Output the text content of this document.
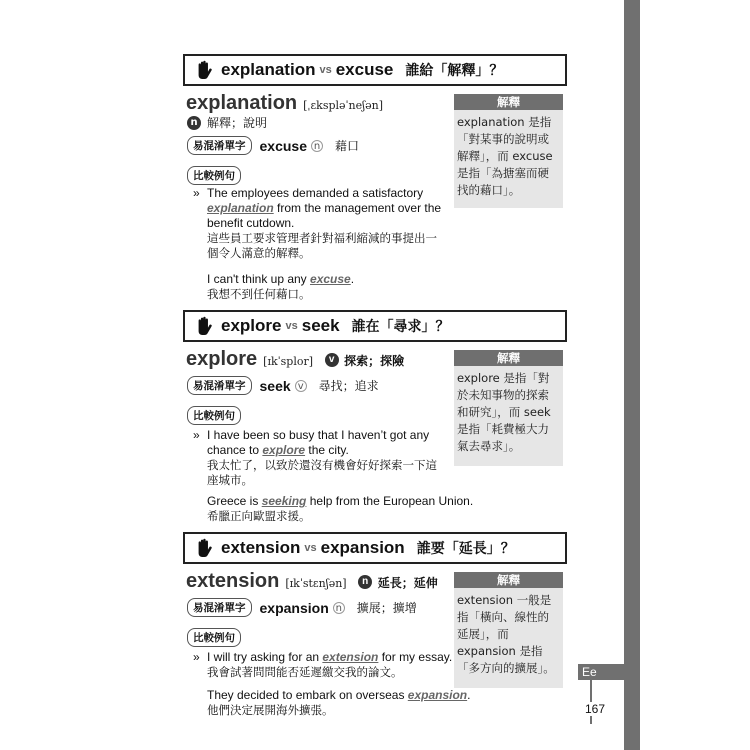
Ee
167
explanation vs excuse 誰給「解釋」？
explanation [ˌɛkspləˈneʃən]
n 解釋；說明
易混淆單字	excuse n 藉口
比較例句
» The employees demanded a satisfactory explanation from the management over the benefit cutdown.
這些員工要求管理者針對福利縮減的事提出一個令人滿意的解釋。
I can't think up any excuse.
我想不到任何藉口。
解釋
explanation 是指「對某事的說明或解釋」，而 excuse 是指「為搪塞而硬找的藉口」。
explore vs seek 誰在「尋求」？
explore [ɪkˈsplor] v 探索；探險
易混淆單字	seek v 尋找；追求
比較例句
» I have been so busy that I haven’t got any chance to explore the city.
我太忙了，以致於還沒有機會好好探索一下這座城市。
Greece is seeking help from the European Union.
希臘正向歐盟求援。
解釋
explore 是指「對於未知事物的探索和研究」，而 seek 是指「耗費極大力氣去尋求」。
extension vs expansion 誰要「延長」？
extension [ɪkˈstɛnʃən] n 延長；延伸
易混淆單字	expansion n 擴展；擴增
比較例句
» I will try asking for an extension for my essay.
我會試著問問能否延遲繳交我的論文。
They decided to embark on overseas expansion.
他們決定展開海外擴張。
解釋
extension 一般是指「橫向、線性的延展」，而 expansion 是指「多方向的擴展」。
